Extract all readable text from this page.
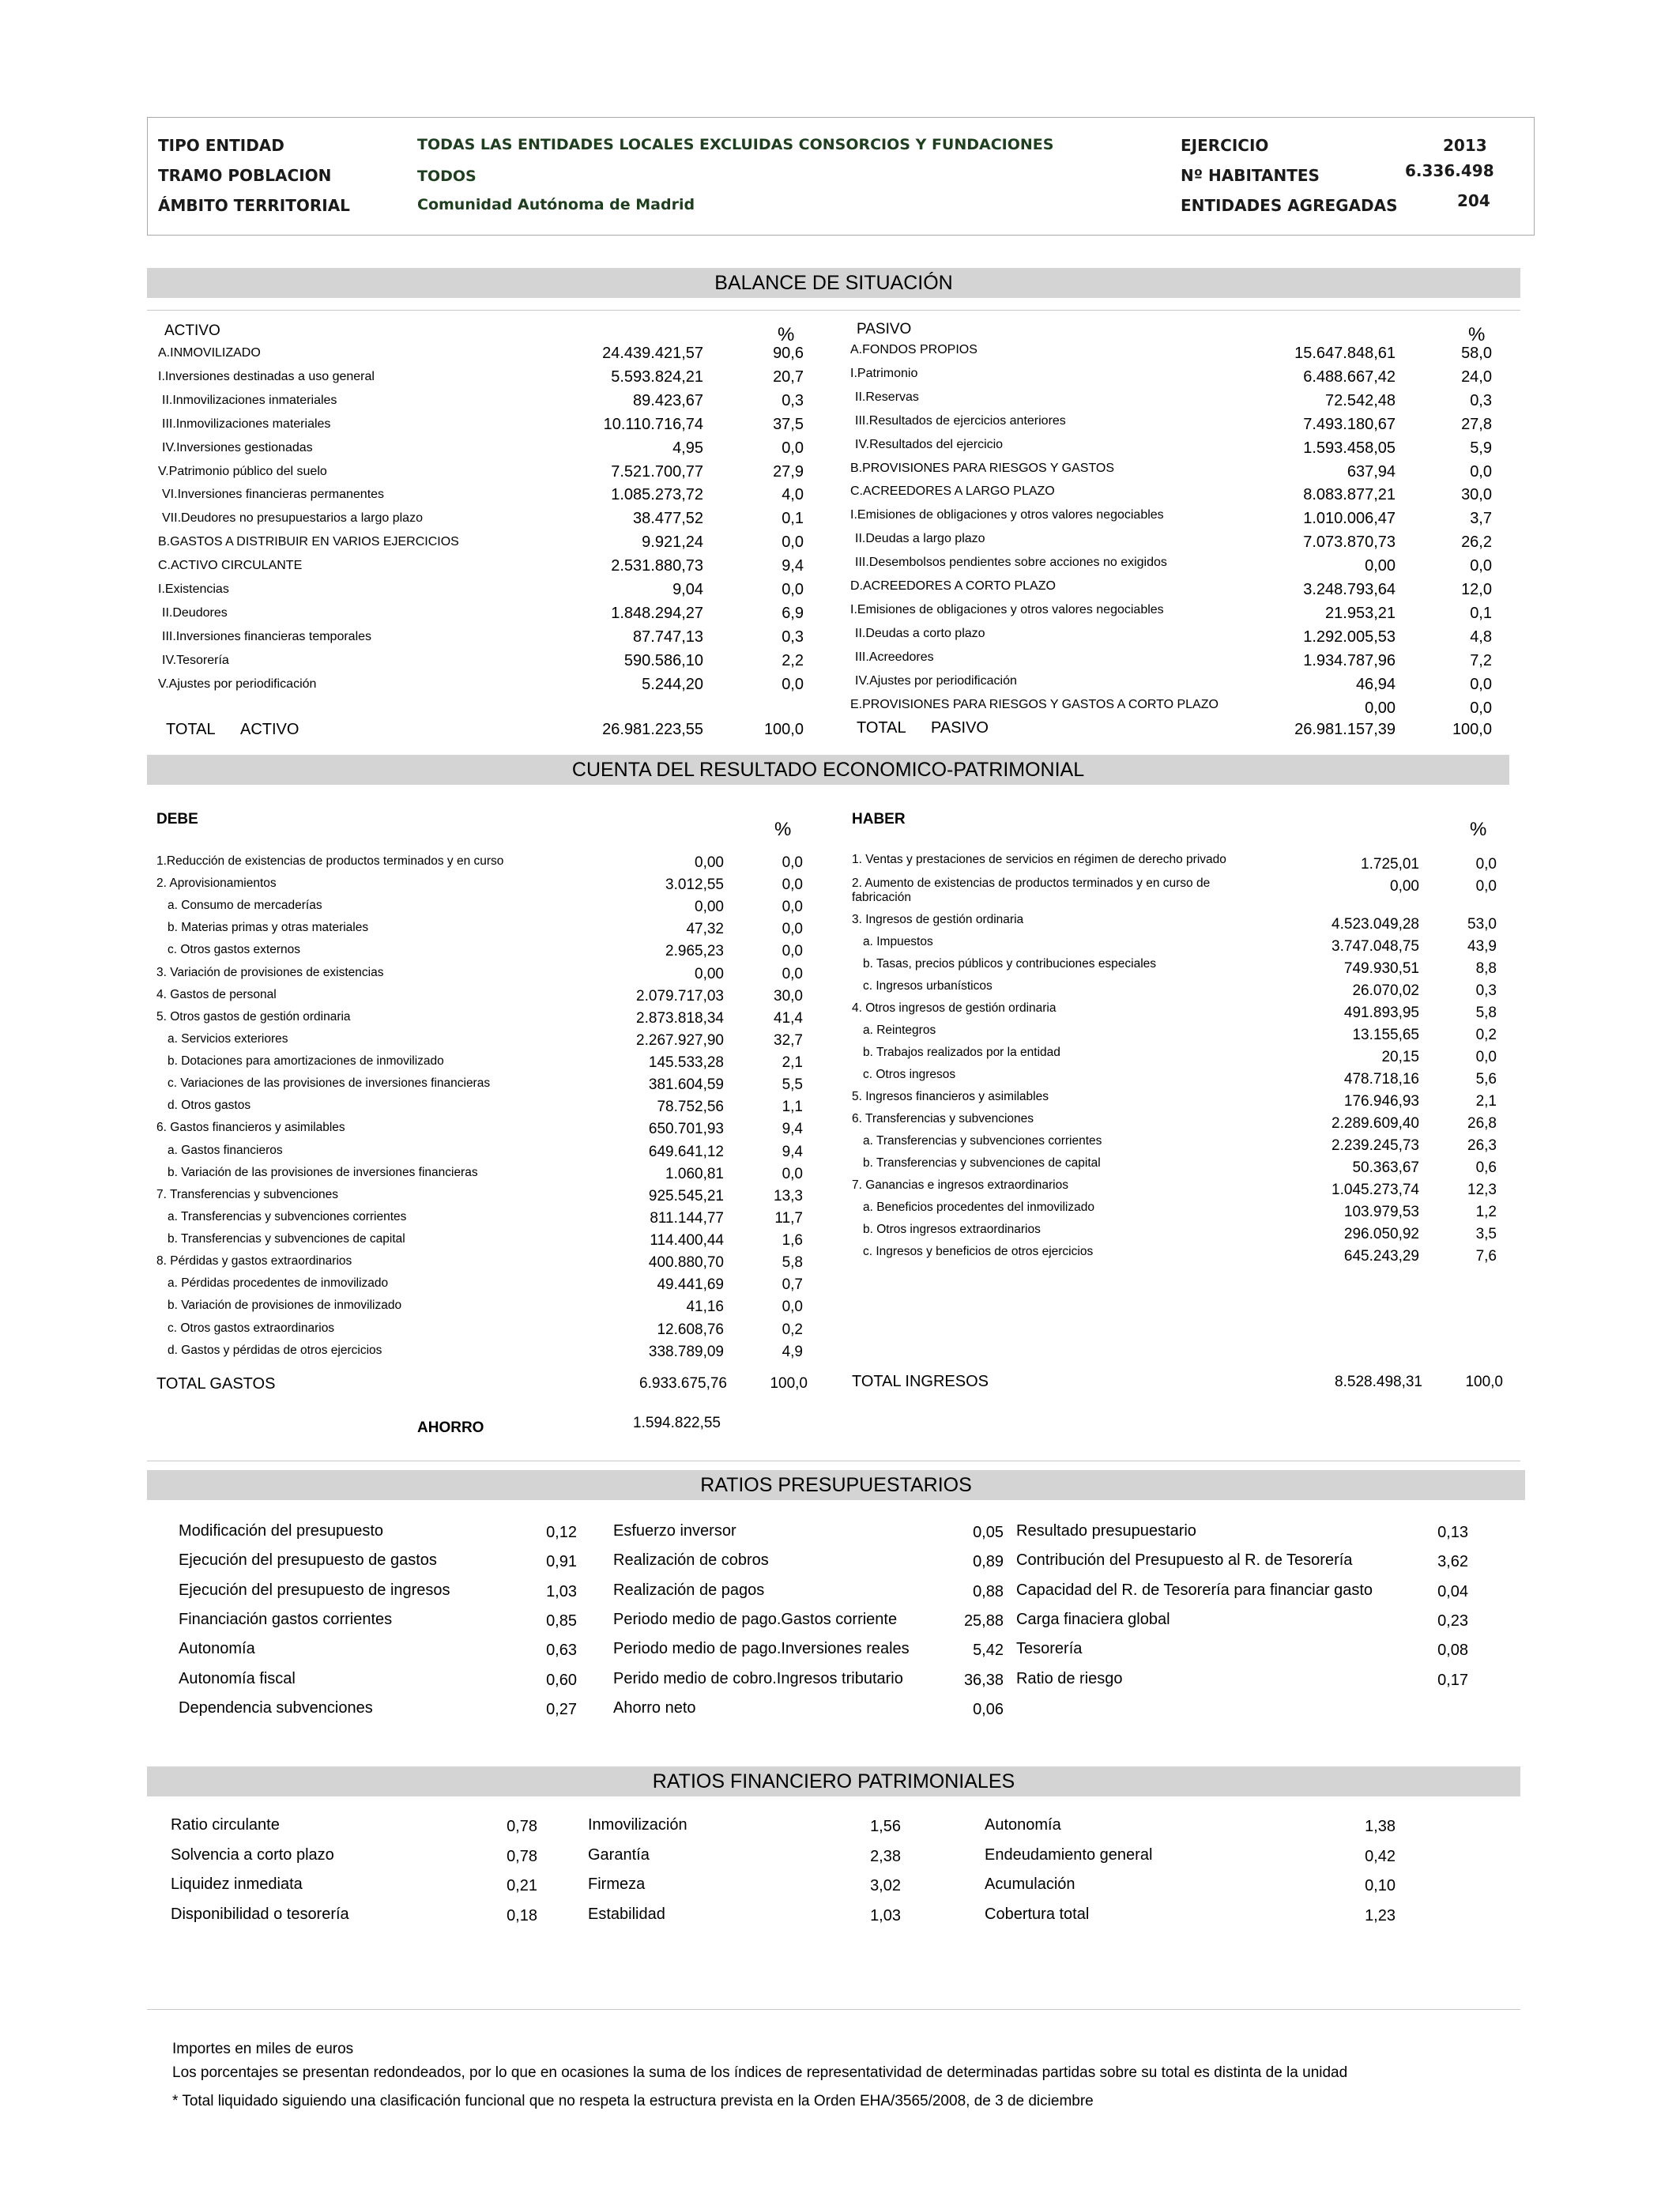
TIPO ENTIDAD	TODAS LAS ENTIDADES LOCALES EXCLUIDAS CONSORCIOS Y FUNDACIONES
TRAMO POBLACION	TODOS
ÁMBITO TERRITORIAL	Comunidad Autónoma de Madrid
EJERCICIO	2013
Nº HABITANTES	6.336.498
ENTIDADES AGREGADAS	204
BALANCE DE SITUACIÓN
ACTIVO	%	PASIVO	%
A.INMOVILIZADO	24.439.421,57	90,6
I.Inversiones destinadas a uso general	5.593.824,21	20,7
II.Inmovilizaciones inmateriales	89.423,67	0,3
III.Inmovilizaciones materiales	10.110.716,74	37,5
IV.Inversiones gestionadas	4,95	0,0
V.Patrimonio público del suelo	7.521.700,77	27,9
VI.Inversiones financieras permanentes	1.085.273,72	4,0
VII.Deudores no presupuestarios a largo plazo	38.477,52	0,1
B.GASTOS A DISTRIBUIR EN VARIOS EJERCICIOS	9.921,24	0,0
C.ACTIVO CIRCULANTE	2.531.880,73	9,4
I.Existencias	9,04	0,0
II.Deudores	1.848.294,27	6,9
III.Inversiones financieras temporales	87.747,13	0,3
IV.Tesorería	590.586,10	2,2
V.Ajustes por periodificación	5.244,20	0,0
A.FONDOS PROPIOS	15.647.848,61	58,0
I.Patrimonio	6.488.667,42	24,0
II.Reservas	72.542,48	0,3
III.Resultados de ejercicios anteriores	7.493.180,67	27,8
IV.Resultados del ejercicio	1.593.458,05	5,9
B.PROVISIONES PARA RIESGOS Y GASTOS	637,94	0,0
C.ACREEDORES A LARGO PLAZO	8.083.877,21	30,0
I.Emisiones de obligaciones y otros valores negociables	1.010.006,47	3,7
II.Deudas a largo plazo	7.073.870,73	26,2
III.Desembolsos pendientes sobre acciones no exigidos	0,00	0,0
D.ACREEDORES A CORTO PLAZO	3.248.793,64	12,0
I.Emisiones de obligaciones y otros valores negociables	21.953,21	0,1
II.Deudas a corto plazo	1.292.005,53	4,8
III.Acreedores	1.934.787,96	7,2
IV.Ajustes por periodificación	46,94	0,0
E.PROVISIONES PARA RIESGOS Y GASTOS A CORTO PLAZO	0,00	0,0
TOTAL ACTIVO	26.981.223,55	100,0	TOTAL PASIVO	26.981.157,39	100,0
CUENTA DEL RESULTADO ECONOMICO-PATRIMONIAL
DEBE	%	HABER	%
1.Reducción de existencias de productos terminados y en curso	0,00	0,0
2. Aprovisionamientos	3.012,55	0,0
a. Consumo de mercaderías	0,00	0,0
b. Materias primas y otras materiales	47,32	0,0
c. Otros gastos externos	2.965,23	0,0
3. Variación de provisiones de existencias	0,00	0,0
4. Gastos de personal	2.079.717,03	30,0
5. Otros gastos de gestión ordinaria	2.873.818,34	41,4
a. Servicios exteriores	2.267.927,90	32,7
b. Dotaciones para amortizaciones de inmovilizado	145.533,28	2,1
c. Variaciones de las provisiones de inversiones financieras	381.604,59	5,5
d. Otros gastos	78.752,56	1,1
6. Gastos financieros y asimilables	650.701,93	9,4
a. Gastos financieros	649.641,12	9,4
b. Variación de las provisiones de inversiones financieras	1.060,81	0,0
7. Transferencias y subvenciones	925.545,21	13,3
a. Transferencias y subvenciones corrientes	811.144,77	11,7
b. Transferencias y subvenciones de capital	114.400,44	1,6
8. Pérdidas y gastos extraordinarios	400.880,70	5,8
a. Pérdidas procedentes de inmovilizado	49.441,69	0,7
b. Variación de provisiones de inmovilizado	41,16	0,0
c. Otros gastos extraordinarios	12.608,76	0,2
d. Gastos y pérdidas de otros ejercicios	338.789,09	4,9
1. Ventas y prestaciones de servicios en régimen de derecho privado	1.725,01	0,0
2. Aumento de existencias de productos terminados y en curso de
fabricación
0,00	0,0
3. Ingresos de gestión ordinaria	4.523.049,28	53,0
a. Impuestos	3.747.048,75	43,9
b. Tasas, precios públicos y contribuciones especiales	749.930,51	8,8
c. Ingresos urbanísticos	26.070,02	0,3
4. Otros ingresos de gestión ordinaria	491.893,95	5,8
a. Reintegros	13.155,65	0,2
b. Trabajos realizados por la entidad	20,15	0,0
c. Otros ingresos	478.718,16	5,6
5. Ingresos financieros y asimilables	176.946,93	2,1
6. Transferencias y subvenciones	2.289.609,40	26,8
a. Transferencias y subvenciones corrientes	2.239.245,73	26,3
b. Transferencias y subvenciones de capital	50.363,67	0,6
7. Ganancias e ingresos extraordinarios	1.045.273,74	12,3
a. Beneficios procedentes del inmovilizado	103.979,53	1,2
b. Otros ingresos extraordinarios	296.050,92	3,5
c. Ingresos y beneficios de otros ejercicios	645.243,29	7,6
TOTAL GASTOS	6.933.675,76	100,0	TOTAL INGRESOS	8.528.498,31	100,0
AHORRO	1.594.822,55
RATIOS PRESUPUESTARIOS
Modificación del presupuesto	0,12
Ejecución del presupuesto de gastos	0,91
Ejecución del presupuesto de ingresos	1,03
Financiación gastos corrientes	0,85
Autonomía	0,63
Autonomía fiscal	0,60
Dependencia subvenciones	0,27
Esfuerzo inversor	0,05
Realización de cobros	0,89
Realización de pagos	0,88
Periodo medio de pago.Gastos corriente	25,88
Periodo medio de pago.Inversiones reales	5,42
Perido medio de cobro.Ingresos tributario	36,38
Ahorro neto	0,06
Resultado presupuestario	0,13
Contribución del Presupuesto al R. de Tesorería	3,62
Capacidad del R. de Tesorería para financiar gasto	0,04
Carga finaciera global	0,23
Tesorería	0,08
Ratio de riesgo	0,17
RATIOS FINANCIERO PATRIMONIALES
Ratio circulante	0,78
Solvencia a corto plazo	0,78
Liquidez inmediata	0,21
Disponibilidad o tesorería	0,18
Inmovilización	1,56
Garantía	2,38
Firmeza	3,02
Estabilidad	1,03
Autonomía	1,38
Endeudamiento general	0,42
Acumulación	0,10
Cobertura total	1,23
Importes en miles de euros
Los porcentajes se presentan redondeados, por lo que en ocasiones la suma de los índices de representatividad de determinadas partidas sobre su total es distinta de la unidad
* Total liquidado siguiendo una clasificación funcional que no respeta la estructura prevista en la Orden EHA/3565/2008, de 3 de diciembre
